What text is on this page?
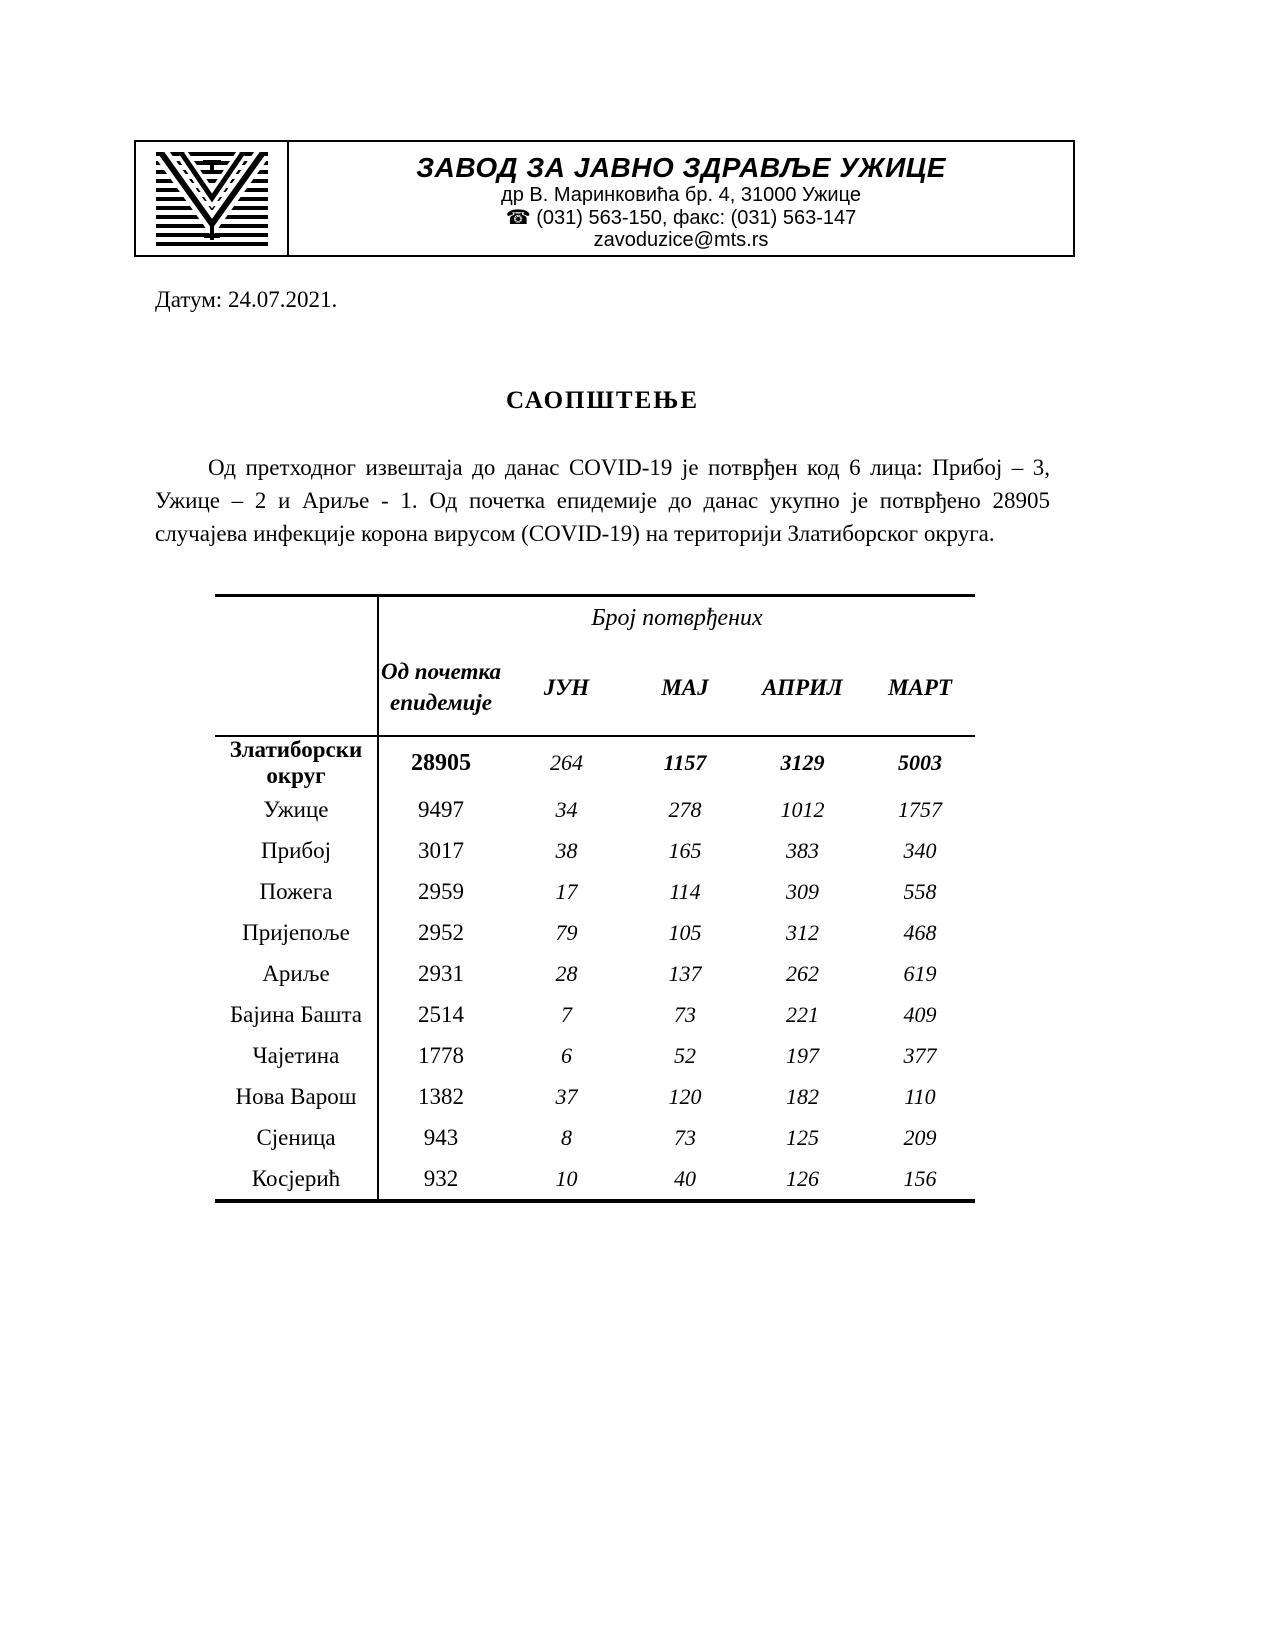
ЗАВОД ЗА ЈАВНО ЗДРАВЉЕ УЖИЦЕ
др В. Маринковића бр. 4, 31000 Ужице
☎ (031) 563-150, факс: (031) 563-147
zavoduzice@mts.rs
Датум: 24.07.2021.
САОПШТЕЊЕ

Од претходног извештаја до данас COVID-19 је потврђен код 6 лица: Прибој – 3, Ужице – 2 и Ариље - 1. Од почетка епидемије до данас укупно је потврђено 28905 случајева инфекције корона вирусом (COVID-19) на територији Златиборског округа.

	Број потврђених				
	Од почетка епидемије	ЈУН	МАЈ	АПРИЛ	МАРТ
Златиборски округ	28905	264	1157	3129	5003
Ужице	9497	34	278	1012	1757
Прибој	3017	38	165	383	340
Пожега	2959	17	114	309	558
Пријепоље	2952	79	105	312	468
Ариље	2931	28	137	262	619
Бајина Башта	2514	7	73	221	409
Чајетина	1778	6	52	197	377
Нова Варош	1382	37	120	182	110
Сјеница	943	8	73	125	209
Косјерић	932	10	40	126	156
